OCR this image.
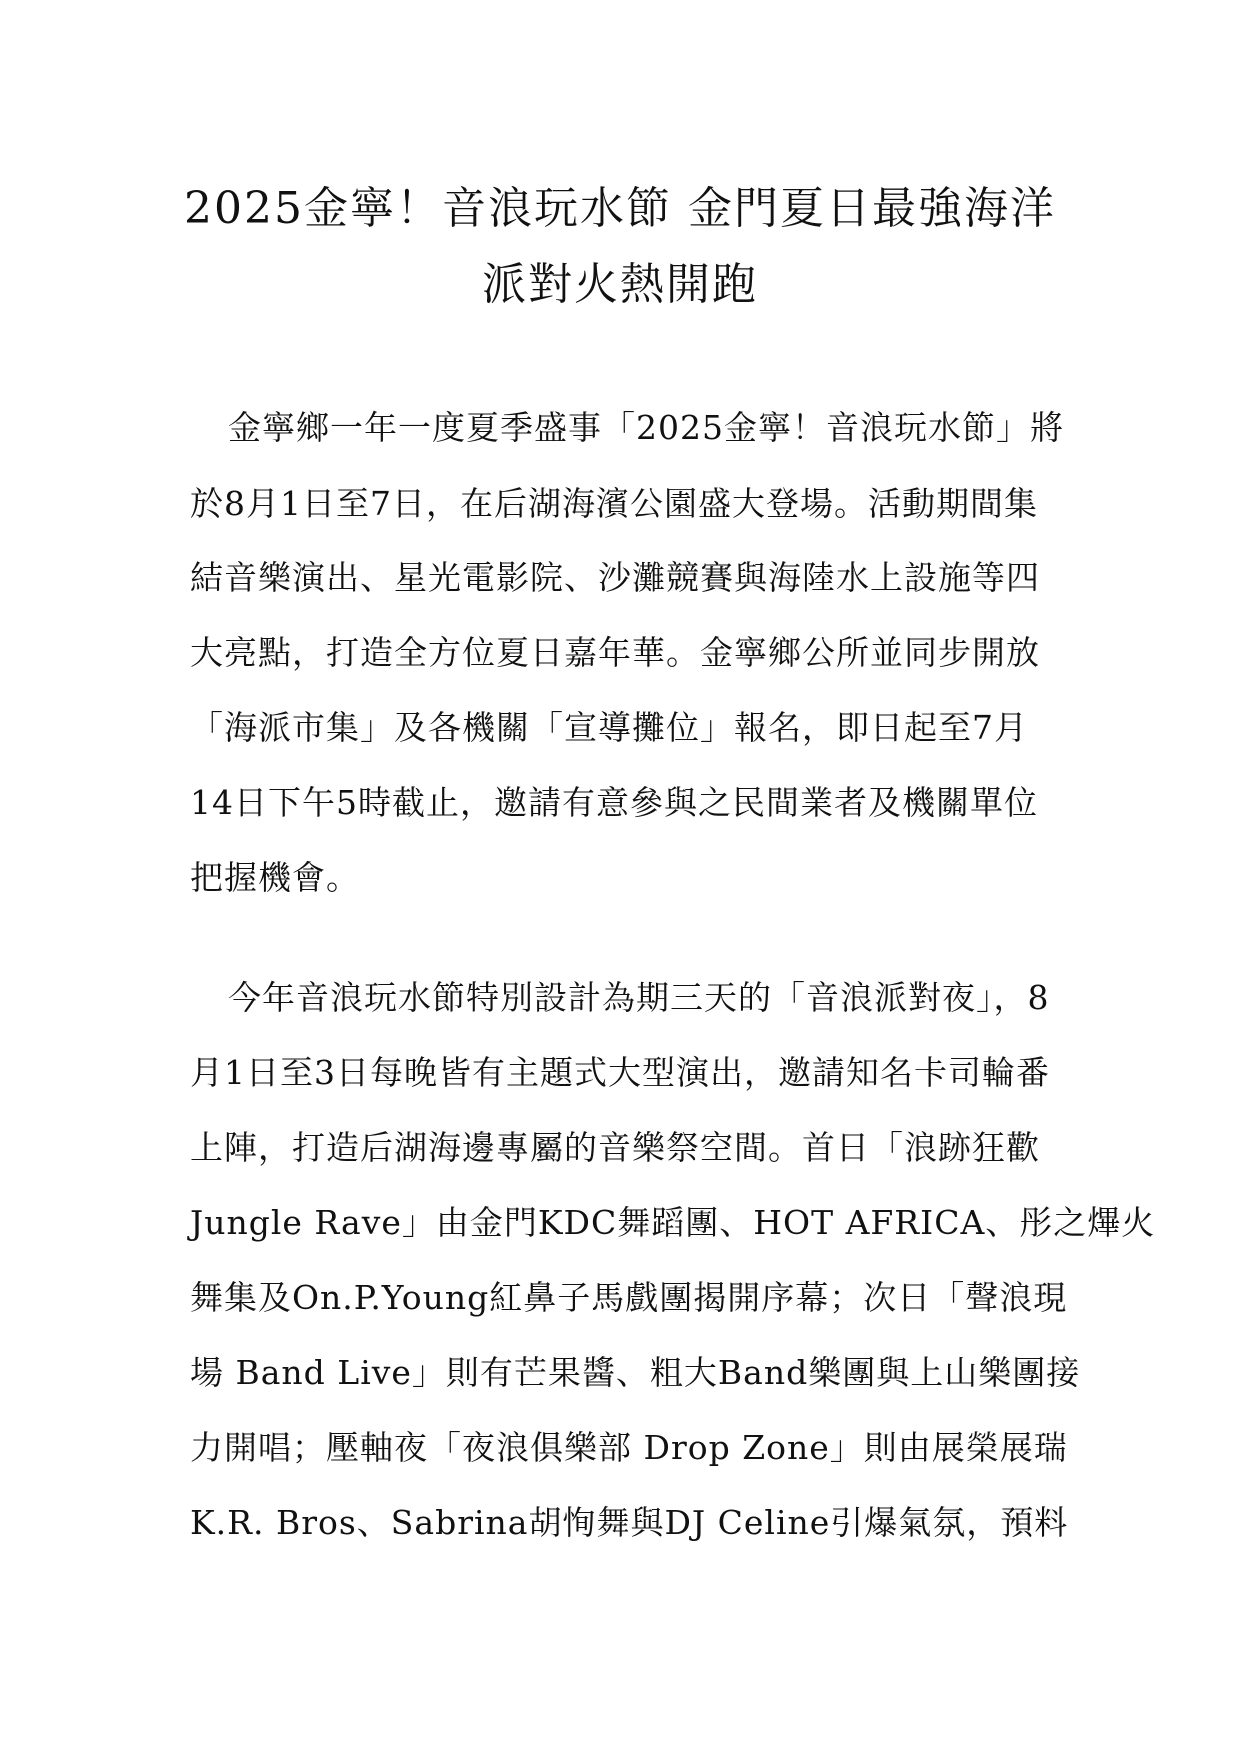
2025金寧！音浪玩水節 金門夏日最強海洋
派對火熱開跑
金寧鄉一年一度夏季盛事「2025金寧！音浪玩水節」將
於8月1日至7日，在后湖海濱公園盛大登場。活動期間集
結音樂演出、星光電影院、沙灘競賽與海陸水上設施等四
大亮點，打造全方位夏日嘉年華。金寧鄉公所並同步開放
「海派市集」及各機關「宣導攤位」報名，即日起至7月
14日下午5時截止，邀請有意參與之民間業者及機關單位
把握機會。
今年音浪玩水節特別設計為期三天的「音浪派對夜」，8
月1日至3日每晚皆有主題式大型演出，邀請知名卡司輪番
上陣，打造后湖海邊專屬的音樂祭空間。首日「浪跡狂歡
Jungle Rave」由金門KDC舞蹈團、HOT AFRICA、彤之熚火
舞集及On.P.Young紅鼻子馬戲團揭開序幕；次日「聲浪現
場 Band Live」則有芒果醬、粗大Band樂團與上山樂團接
力開唱；壓軸夜「夜浪俱樂部 Drop Zone」則由展榮展瑞
K.R. Bros、Sabrina胡恂舞與DJ Celine引爆氣氛，預料
